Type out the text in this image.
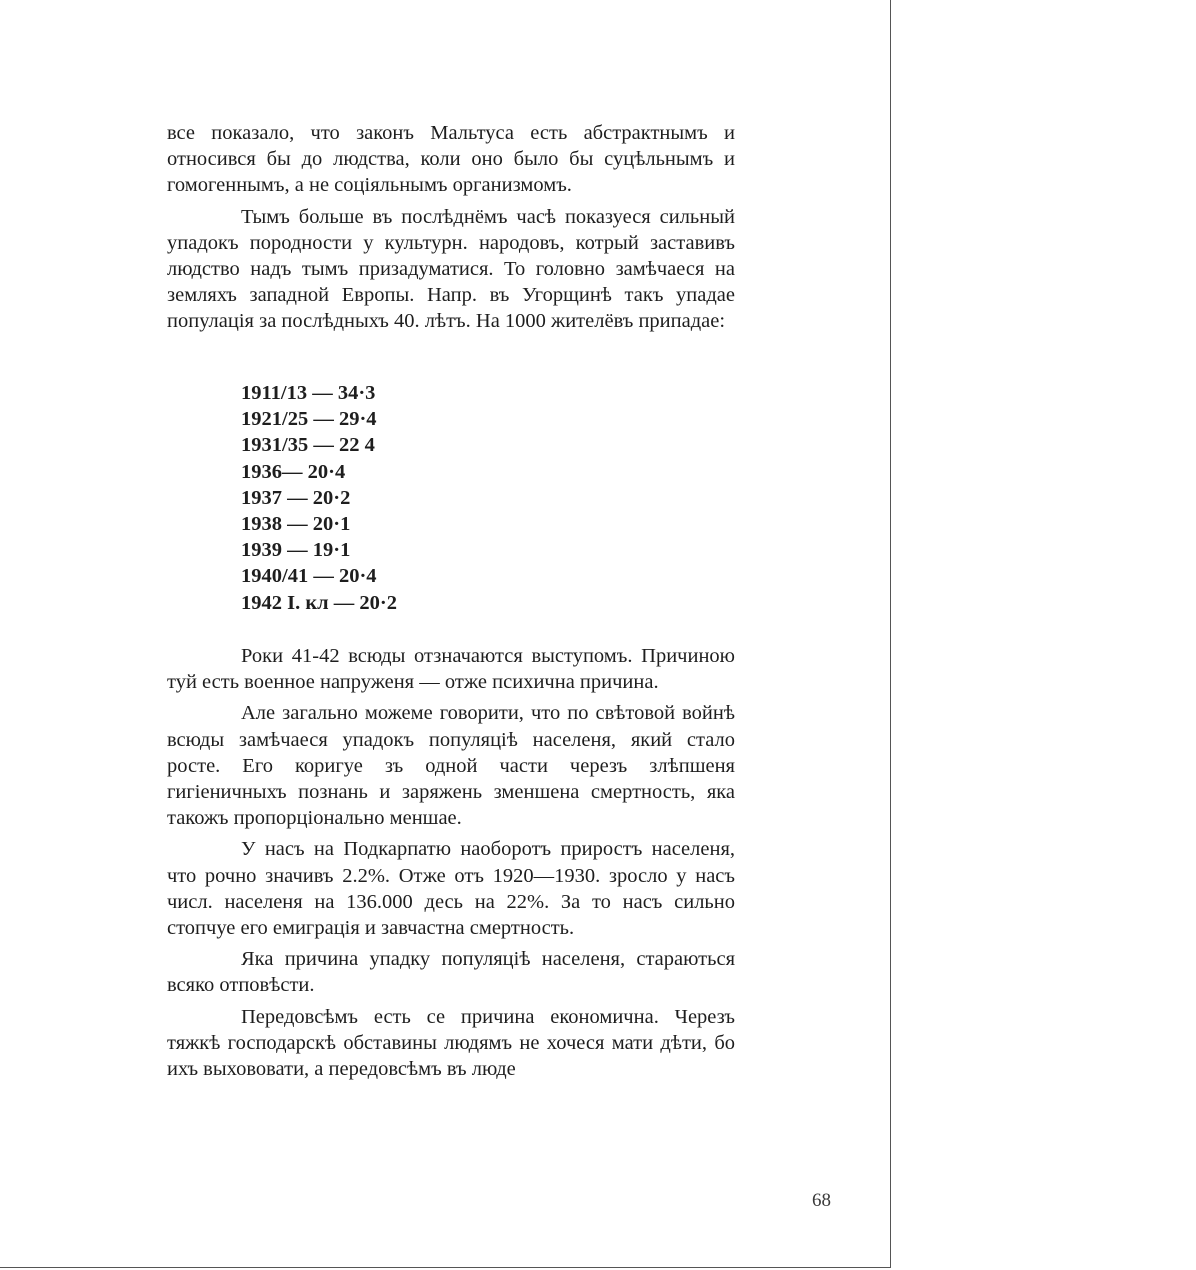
все показало, что законъ Мальтуса есть абстрактнымъ и относився бы до людства, коли оно было бы суцѣльнымъ и гомогеннымъ, а не соціяльнымъ организмомъ.

Тымъ больше въ послѣднёмъ часѣ показуеся сильный упадокъ породности у культурн. народовъ, котрый заставивъ людство надъ тымъ призадуматися. То головно замѣчаеся на земляхъ западной Европы. Напр. въ Угорщинѣ такъ упадае популація за послѣдныхъ 40. лѣтъ. На 1000 жителёвъ припадае:

1911/13 — 34·3
1921/25 — 29·4
1931/35 — 22 4
1936— 20·4
1937 — 20·2
1938 — 20·1
1939 — 19·1
1940/41 — 20·4
1942 I. кл — 20·2

Роки 41-42 всюды отзначаются выступомъ. Причиною туй есть военное напруженя — отже психична причина.

Але загально можеме говорити, что по свѣтовой войнѣ всюды замѣчаеся упадокъ популяціѣ населеня, який стало росте. Его коригуе зъ одной части черезъ злѣпшеня гигіеничныхъ познань и заряжень зменшена смертность, яка такожъ пропорціонально меншае.

У насъ на Подкарпатю наоборотъ приростъ населеня, что рочно значивъ 2.2%. Отже отъ 1920—1930. зросло у насъ числ. населеня на 136.000 десь на 22%. За то насъ сильно стопчуе его емиграція и завчастна смертность.

Яка причина упадку популяціѣ населеня, стараються всяко отповѣсти.

Передовсѣмъ есть се причина економична. Черезъ тяжкѣ господарскѣ обставины людямъ не хочеся мати дѣти, бо ихъ выхововати, а передовсѣмъ въ люде

68
